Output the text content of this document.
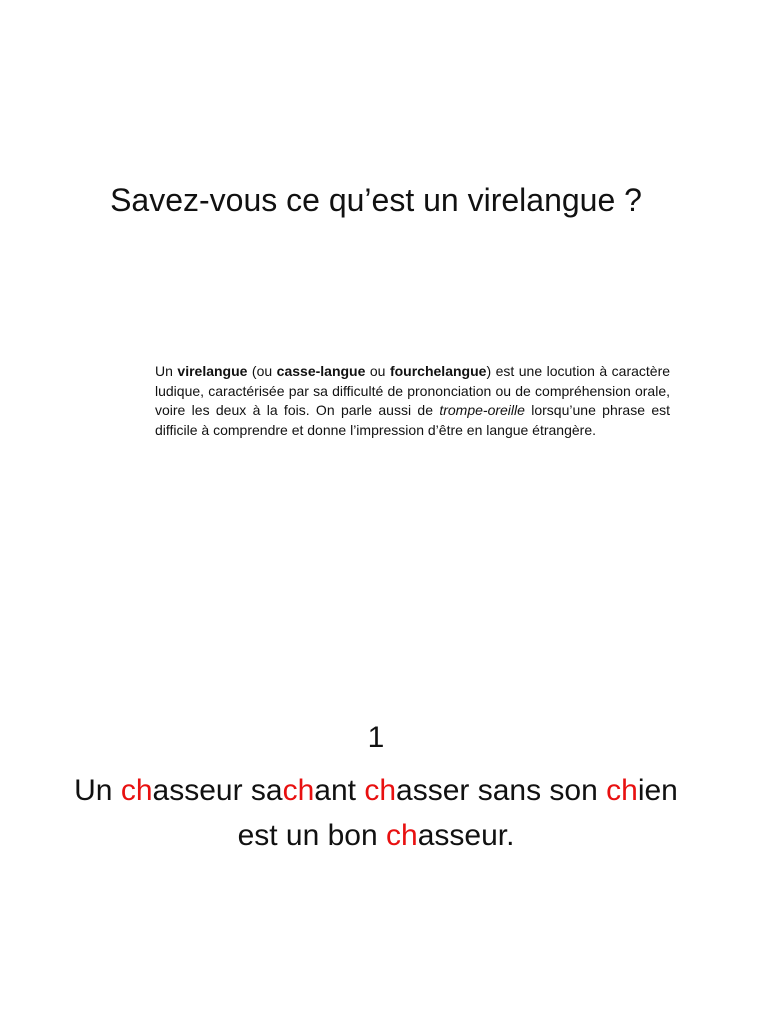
Savez-vous ce qu’est un virelangue ?
Un virelangue (ou casse-langue ou fourchelangue) est une locution à caractère ludique, caractérisée par sa difficulté de prononciation ou de compréhension orale, voire les deux à la fois. On parle aussi de trompe-oreille lorsqu’une phrase est difficile à comprendre et donne l’impression d’être en langue étrangère.
1
Un chasseur sachant chasser sans son chien est un bon chasseur.
